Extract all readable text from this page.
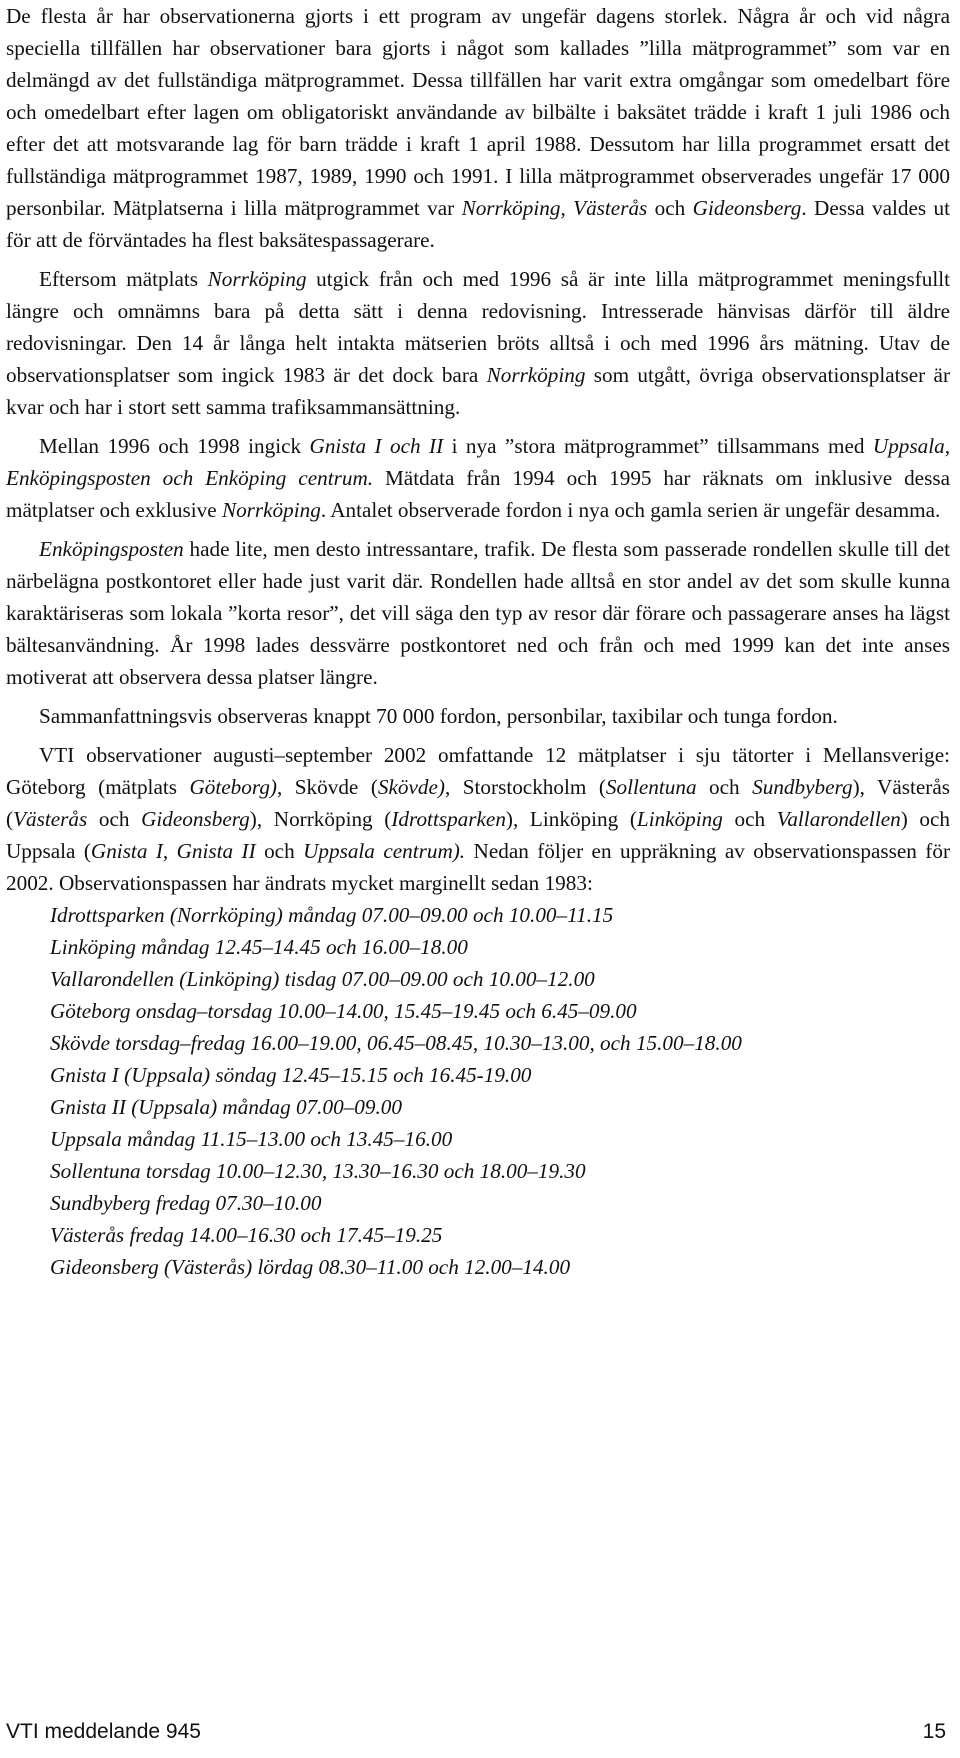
De flesta år har observationerna gjorts i ett program av ungefär dagens storlek. Några år och vid några speciella tillfällen har observationer bara gjorts i något som kallades ”lilla mätprogrammet” som var en delmängd av det fullständiga mätprogrammet. Dessa tillfällen har varit extra omgångar som omedelbart före och omedelbart efter lagen om obligatoriskt användande av bilbälte i baksätet trädde i kraft 1 juli 1986 och efter det att motsvarande lag för barn trädde i kraft 1 april 1988. Dessutom har lilla programmet ersatt det fullständiga mätprogrammet 1987, 1989, 1990 och 1991. I lilla mätprogrammet observerades ungefär 17 000 personbilar. Mätplatserna i lilla mätprogrammet var Norrköping, Västerås och Gideonsberg. Dessa valdes ut för att de förväntades ha flest baksätespassagerare.

Eftersom mätplats Norrköping utgick från och med 1996 så är inte lilla mätprogrammet meningsfullt längre och omnämns bara på detta sätt i denna redovisning. Intresserade hänvisas därför till äldre redovisningar. Den 14 år långa helt intakta mätserien bröts alltså i och med 1996 års mätning. Utav de observationsplatser som ingick 1983 är det dock bara Norrköping som utgått, övriga observationsplatser är kvar och har i stort sett samma trafiksammansättning.

Mellan 1996 och 1998 ingick Gnista I och II i nya ”stora mätprogrammet” tillsammans med Uppsala, Enköpingsposten och Enköping centrum. Mätdata från 1994 och 1995 har räknats om inklusive dessa mätplatser och exklusive Norrköping. Antalet observerade fordon i nya och gamla serien är ungefär desamma.

Enköpingsposten hade lite, men desto intressantare, trafik. De flesta som passerade rondellen skulle till det närbelägna postkontoret eller hade just varit där. Rondellen hade alltså en stor andel av det som skulle kunna karaktäriseras som lokala ”korta resor”, det vill säga den typ av resor där förare och passagerare anses ha lägst bältesanvändning. År 1998 lades dessvärre postkontoret ned och från och med 1999 kan det inte anses motiverat att observera dessa platser längre.

Sammanfattningsvis observeras knappt 70 000 fordon, personbilar, taxibilar och tunga fordon.

VTI observationer augusti–september 2002 omfattande 12 mätplatser i sju tätorter i Mellansverige: Göteborg (mätplats Göteborg), Skövde (Skövde), Storstockholm (Sollentuna och Sundbyberg), Västerås (Västerås och Gideonsberg), Norrköping (Idrottsparken), Linköping (Linköping och Vallarondellen) och Uppsala (Gnista I, Gnista II och Uppsala centrum). Nedan följer en uppräkning av observationspassen för 2002. Observationspassen har ändrats mycket marginellt sedan 1983:

Idrottsparken (Norrköping) måndag 07.00–09.00 och 10.00–11.15
Linköping måndag 12.45–14.45 och 16.00–18.00
Vallarondellen (Linköping) tisdag 07.00–09.00 och 10.00–12.00
Göteborg onsdag–torsdag 10.00–14.00, 15.45–19.45 och 6.45–09.00
Skövde torsdag–fredag 16.00–19.00, 06.45–08.45, 10.30–13.00, och 15.00–18.00
Gnista I (Uppsala) söndag 12.45–15.15 och 16.45-19.00
Gnista II (Uppsala) måndag 07.00–09.00
Uppsala måndag 11.15–13.00 och 13.45–16.00
Sollentuna torsdag 10.00–12.30, 13.30–16.30 och 18.00–19.30
Sundbyberg fredag 07.30–10.00
Västerås fredag 14.00–16.30 och 17.45–19.25
Gideonsberg (Västerås) lördag 08.30–11.00 och 12.00–14.00
VTI meddelande 945	15
